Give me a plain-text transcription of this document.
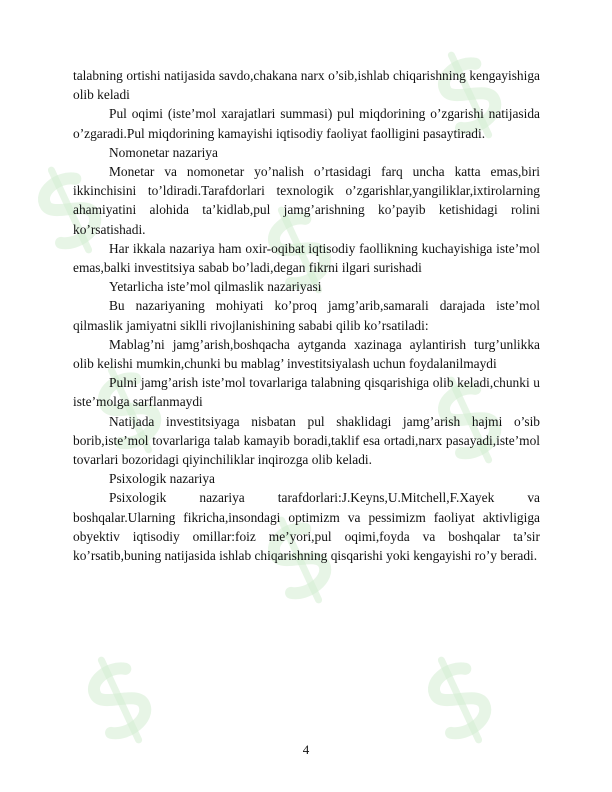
talabning ortishi natijasida savdo,chakana narx o’sib,ishlab chiqarishning kengayishiga olib keladi

Pul oqimi (iste’mol xarajatlari summasi) pul miqdorining o’zgarishi natijasida o’zgaradi.Pul miqdorining kamayishi iqtisodiy faoliyat faolligini pasaytiradi.

Nomonetar nazariya

Monetar va nomonetar yo’nalish o’rtasidagi farq uncha katta emas,biri ikkinchisini to’ldiradi.Tarafdorlari texnologik o’zgarishlar,yangiliklar,ixtirolarning ahamiyatini alohida ta’kidlab,pul jamg’arishning ko’payib ketishidagi rolini ko’rsatishadi.

Har ikkala nazariya ham oxir-oqibat iqtisodiy faollikning kuchayishiga iste’mol emas,balki investitsiya sabab bo’ladi,degan fikrni ilgari surishadi

Yetarlicha iste’mol qilmaslik nazariyasi

Bu nazariyaning mohiyati ko’proq jamg’arib,samarali darajada iste’mol qilmaslik jamiyatni siklli rivojlanishining sababi qilib ko’rsatiladi:

Mablag’ni jamg’arish,boshqacha aytganda xazinaga aylantirish turg’unlikka olib kelishi mumkin,chunki bu mablag’ investitsiyalash uchun foydalanilmaydi

Pulni jamg’arish iste’mol tovarlariga talabning qisqarishiga olib keladi,chunki u iste’molga sarflanmaydi

Natijada investitsiyaga nisbatan pul shaklidagi jamg’arish hajmi o’sib borib,iste’mol tovarlariga talab kamayib boradi,taklif esa ortadi,narx pasayadi,iste’mol tovarlari bozoridagi qiyinchiliklar inqirozga olib keladi.

Psixologik nazariya

Psixologik nazariya tarafdorlari:J.Keyns,U.Mitchell,F.Xayek va boshqalar.Ularning fikricha,insondagi optimizm va pessimizm faoliyat aktivligiga obyektiv iqtisodiy omillar:foiz me’yori,pul oqimi,foyda va boshqalar ta’sir ko’rsatib,buning natijasida ishlab chiqarishning qisqarishi yoki kengayishi ro’y beradi.

4
